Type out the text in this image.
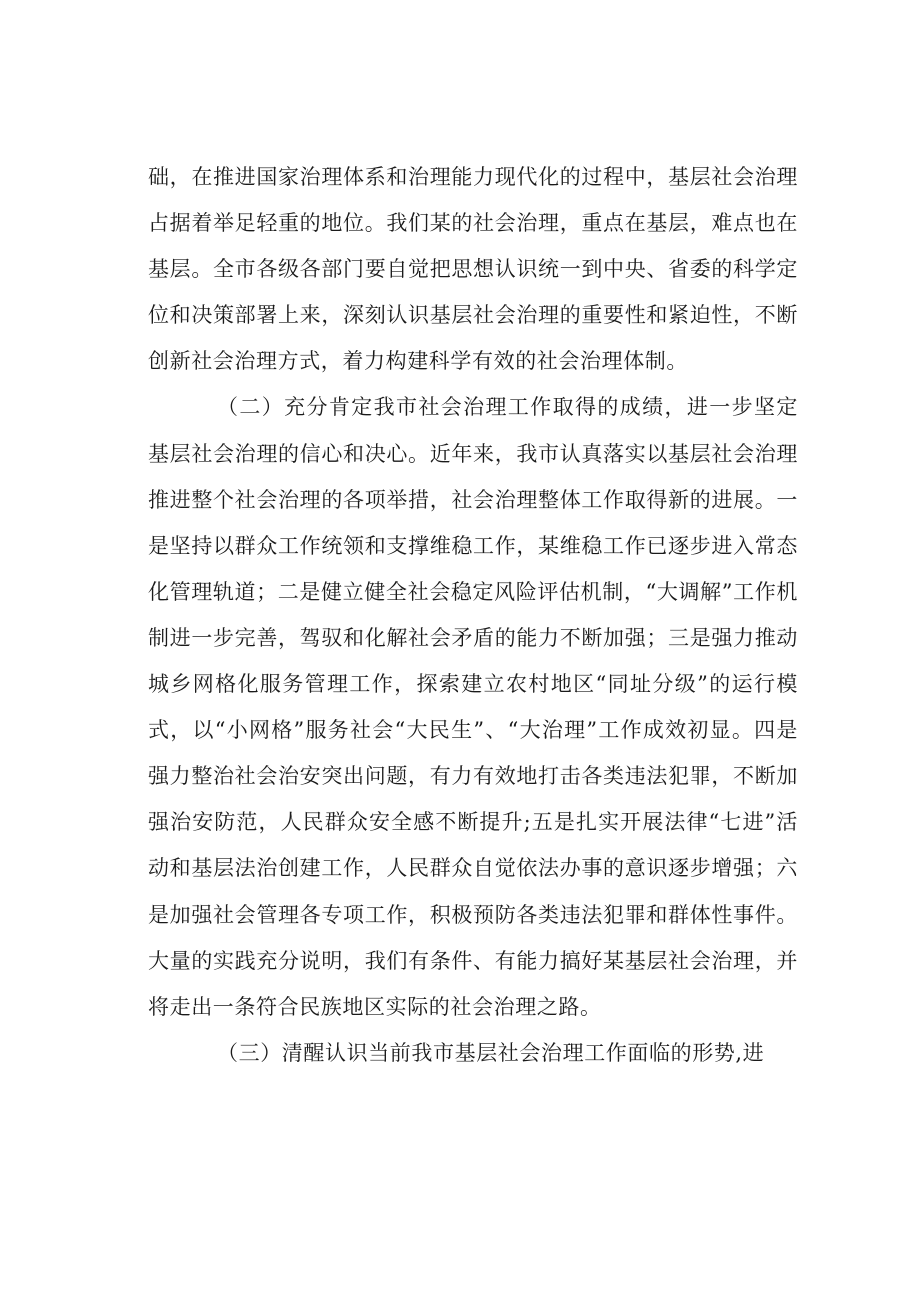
础，在推进国家治理体系和治理能力现代化的过程中，基层社会治理占据着举足轻重的地位。我们某的社会治理，重点在基层，难点也在基层。全市各级各部门要自觉把思想认识统一到中央、省委的科学定位和决策部署上来，深刻认识基层社会治理的重要性和紧迫性，不断创新社会治理方式，着力构建科学有效的社会治理体制。

（二）充分肯定我市社会治理工作取得的成绩，进一步坚定基层社会治理的信心和决心。近年来，我市认真落实以基层社会治理推进整个社会治理的各项举措，社会治理整体工作取得新的进展。一是坚持以群众工作统领和支撑维稳工作，某维稳工作已逐步进入常态化管理轨道；二是健立健全社会稳定风险评估机制，“大调解”工作机制进一步完善，驾驭和化解社会矛盾的能力不断加强；三是强力推动城乡网格化服务管理工作，探索建立农村地区“同址分级”的运行模式，以“小网格”服务社会“大民生”、“大治理”工作成效初显。四是强力整治社会治安突出问题，有力有效地打击各类违法犯罪，不断加强治安防范，人民群众安全感不断提升;五是扎实开展法律“七进”活动和基层法治创建工作，人民群众自觉依法办事的意识逐步增强；六是加强社会管理各专项工作，积极预防各类违法犯罪和群体性事件。大量的实践充分说明，我们有条件、有能力搞好某基层社会治理，并将走出一条符合民族地区实际的社会治理之路。

（三）清醒认识当前我市基层社会治理工作面临的形势,进
